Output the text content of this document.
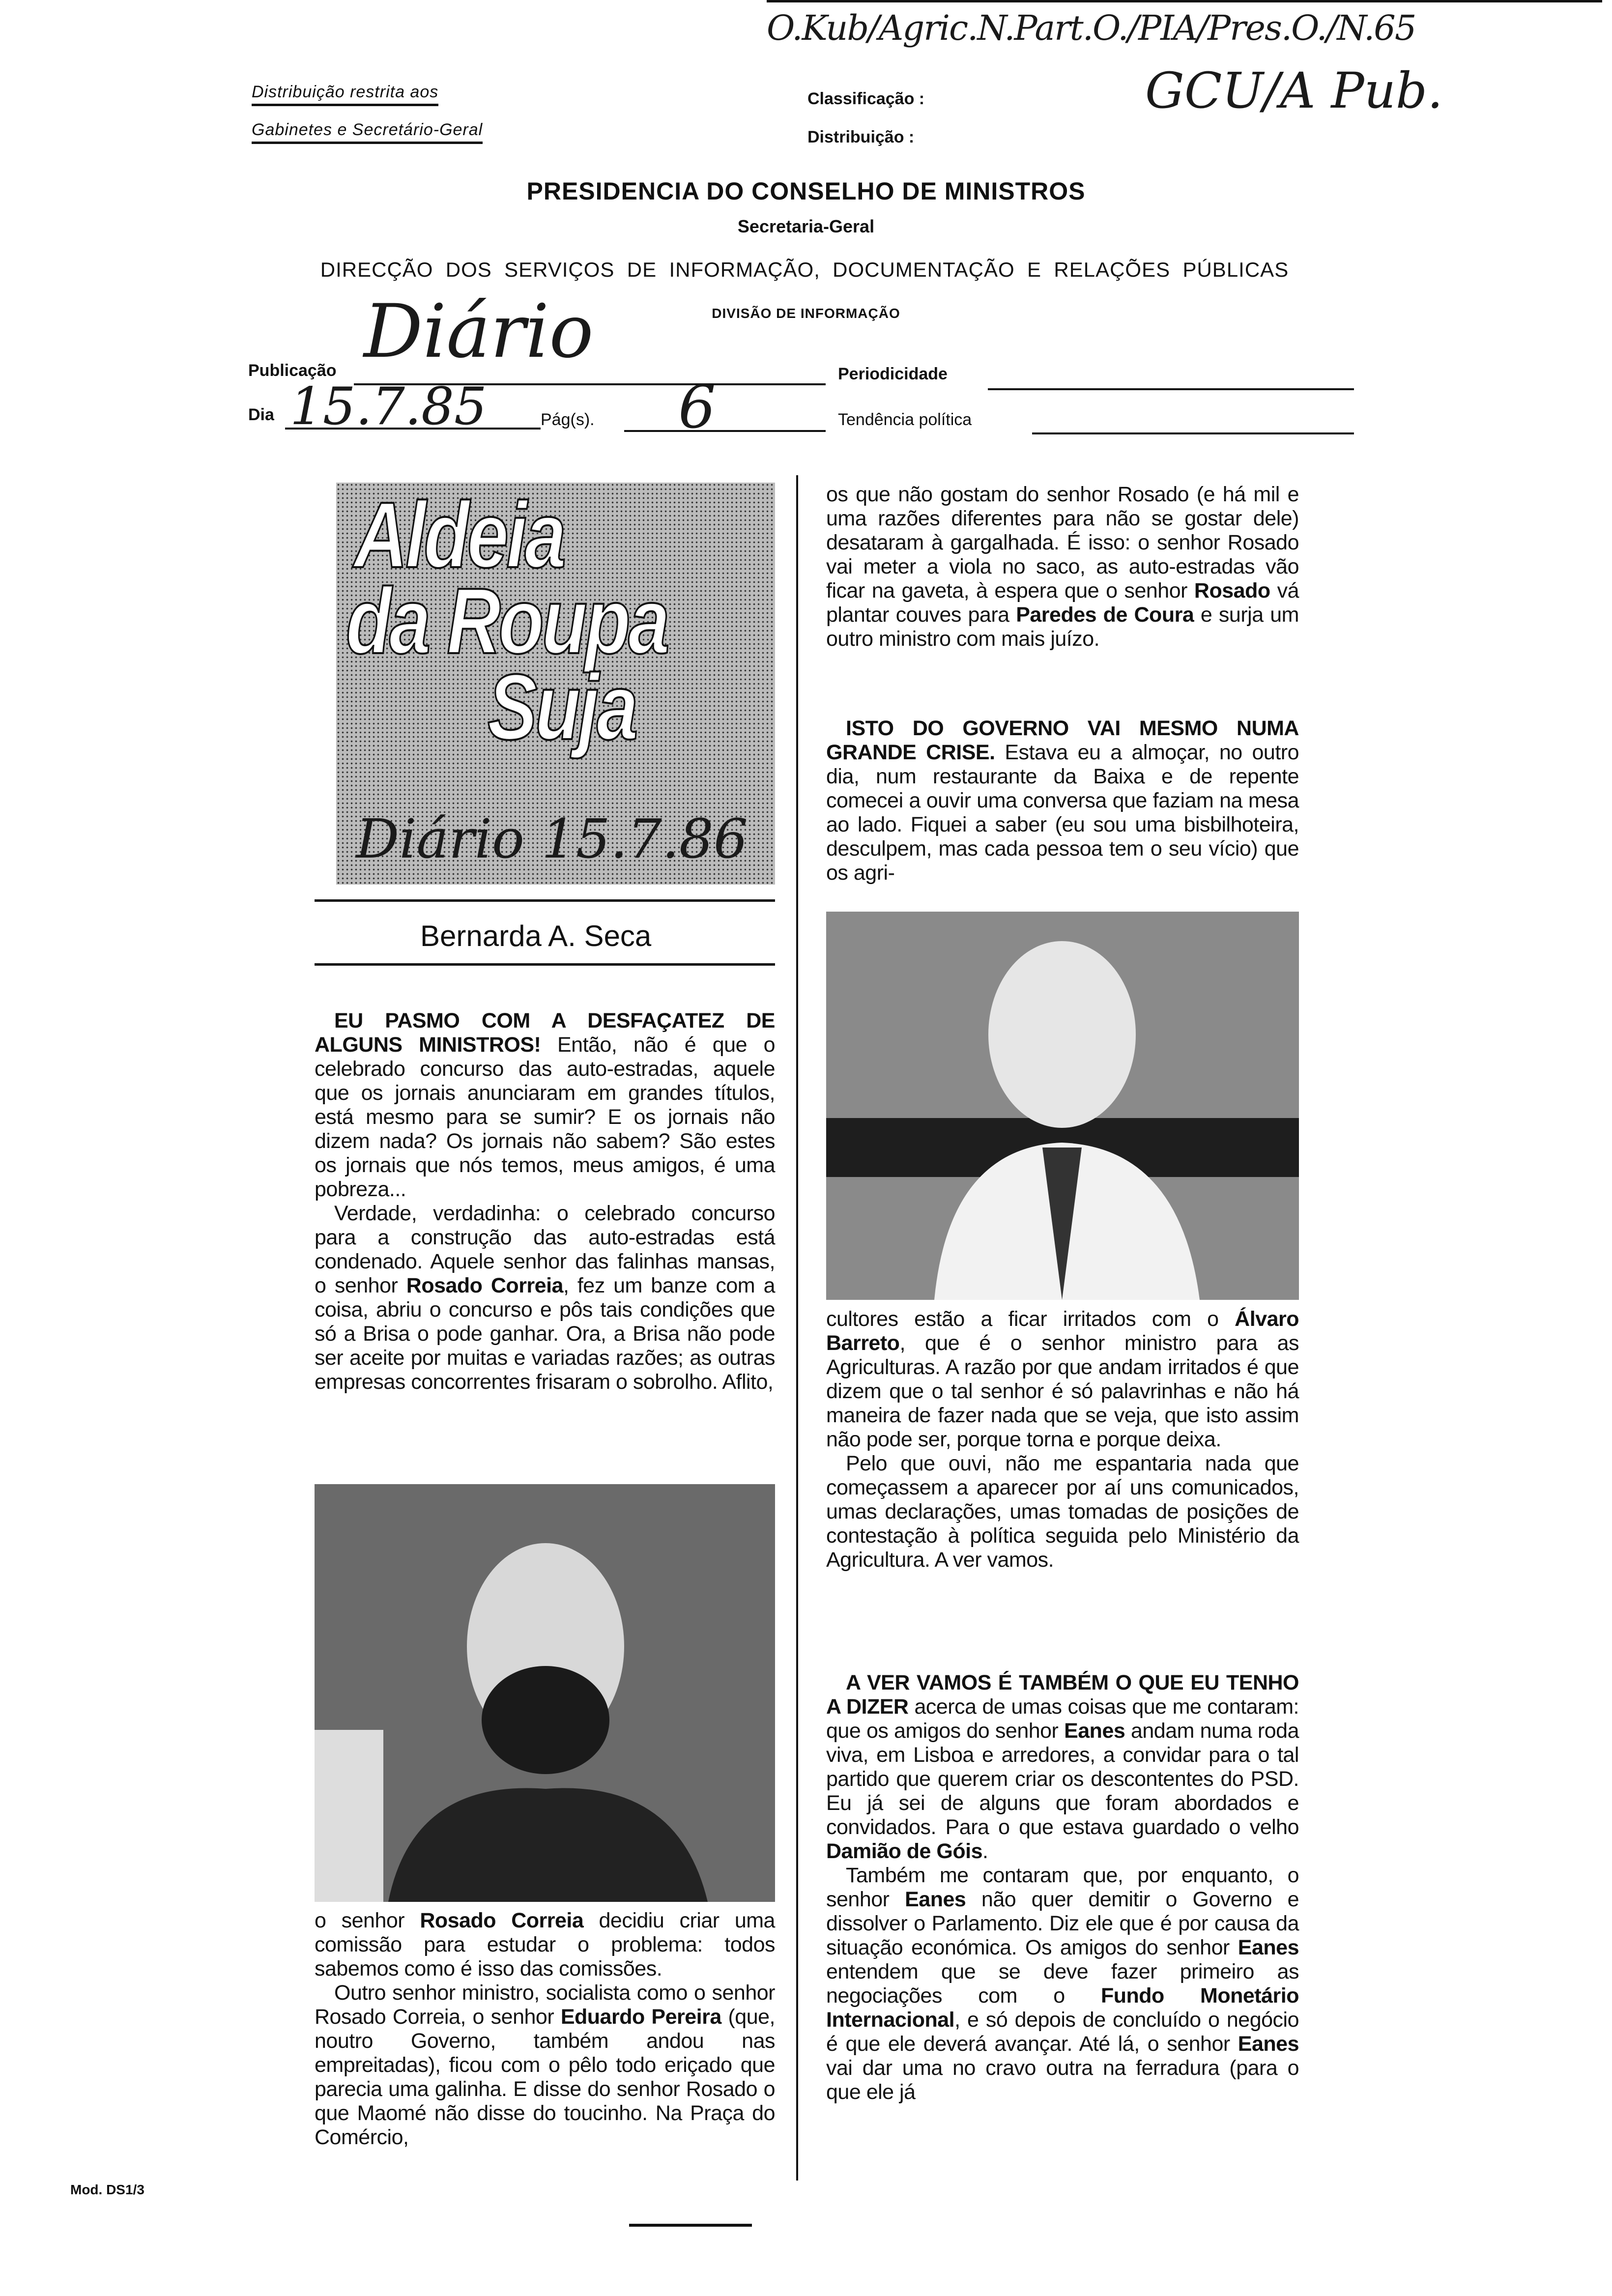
O.Kub/Agric.N.Part.O./PIA/Pres.O./N.65
GCU/A Pub.
Distribuição restrita aos
Gabinetes e Secretário-Geral
Classificação :
Distribuição :
PRESIDENCIA DO CONSELHO DE MINISTROS
Secretaria-Geral
DIRECÇÃO  DOS  SERVIÇOS  DE  INFORMAÇÃO,  DOCUMENTAÇÃO  E  RELAÇÕES  PÚBLICAS
DIVISÃO DE INFORMAÇÃO
Publicação Diário	Periodicidade
Dia 15.7.85	Pág(s). 6	Tendência política
Aldeia
da Roupa
Suja
Diário 15.7.86
Bernarda A. Seca

EU PASMO COM A DESFAÇATEZ DE ALGUNS MINISTROS! Então, não é que o celebrado concurso das auto-estradas, aquele que os jornais anunciaram em grandes títulos, está mesmo para se sumir? E os jornais não dizem nada? Os jornais não sabem? São estes os jornais que nós temos, meus amigos, é uma pobreza...

Verdade, verdadinha: o celebrado concurso para a construção das auto-estradas está condenado. Aquele senhor das falinhas mansas, o senhor Rosado Correia, fez um banze com a coisa, abriu o concurso e pôs tais condições que só a Brisa o pode ganhar. Ora, a Brisa não pode ser aceite por muitas e variadas razões; as outras empresas concorrentes frisaram o sobrolho. Aflito,

o senhor Rosado Correia decidiu criar uma comissão para estudar o problema: todos sabemos como é isso das comissões.

Outro senhor ministro, socialista como o senhor Rosado Correia, o senhor Eduardo Pereira (que, noutro Governo, também andou nas empreitadas), ficou com o pêlo todo eriçado que parecia uma galinha. E disse do senhor Rosado o que Maomé não disse do toucinho. Na Praça do Comércio,

os que não gostam do senhor Rosado (e há mil e uma razões diferentes para não se gostar dele) desataram à gargalhada. É isso: o senhor Rosado vai meter a viola no saco, as auto-estradas vão ficar na gaveta, à espera que o senhor Rosado vá plantar couves para Paredes de Coura e surja um outro ministro com mais juízo.

ISTO DO GOVERNO VAI MESMO NUMA GRANDE CRISE. Estava eu a almoçar, no outro dia, num restaurante da Baixa e de repente comecei a ouvir uma conversa que faziam na mesa ao lado. Fiquei a saber (eu sou uma bisbilhoteira, desculpem, mas cada pessoa tem o seu vício) que os agri-

cultores estão a ficar irritados com o Álvaro Barreto, que é o senhor ministro para as Agriculturas. A razão por que andam irritados é que dizem que o tal senhor é só palavrinhas e não há maneira de fazer nada que se veja, que isto assim não pode ser, porque torna e porque deixa.

Pelo que ouvi, não me espantaria nada que começassem a aparecer por aí uns comunicados, umas declarações, umas tomadas de posições de contestação à política seguida pelo Ministério da Agricultura. A ver vamos.

A VER VAMOS É TAMBÉM O QUE EU TENHO A DIZER acerca de umas coisas que me contaram: que os amigos do senhor Eanes andam numa roda viva, em Lisboa e arredores, a convidar para o tal partido que querem criar os descontentes do PSD. Eu já sei de alguns que foram abordados e convidados. Para o que estava guardado o velho Damião de Góis.

Também me contaram que, por enquanto, o senhor Eanes não quer demitir o Governo e dissolver o Parlamento. Diz ele que é por causa da situação económica. Os amigos do senhor Eanes entendem que se deve fazer primeiro as negociações com o Fundo Monetário Internacional, e só depois de concluído o negócio é que ele deverá avançar. Até lá, o senhor Eanes vai dar uma no cravo outra na ferradura (para o que ele já

Mod. DS1/3
